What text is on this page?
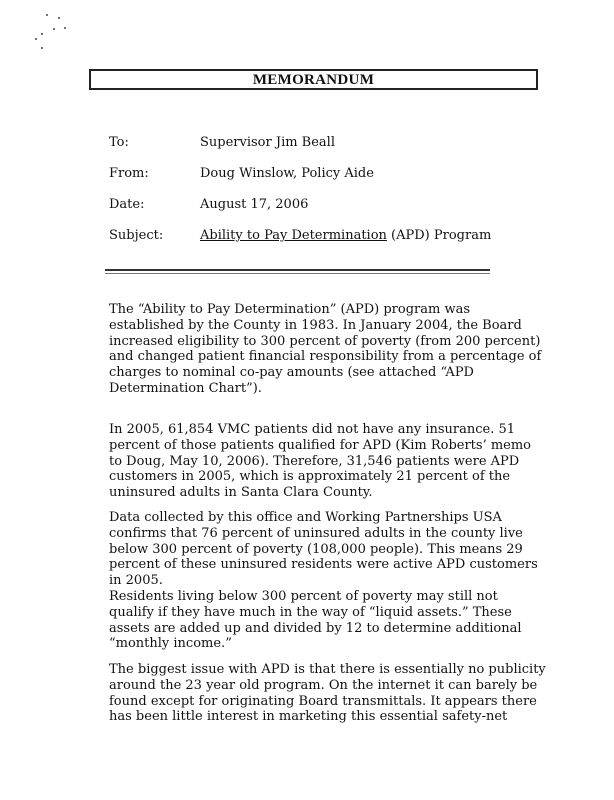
MEMORANDUM
To:	Supervisor Jim Beall
From:	Doug Winslow, Policy Aide
Date:	August 17, 2006
Subject:	Ability to Pay Determination (APD) Program

The “Ability to Pay Determination” (APD) program was
established by the County in 1983. In January 2004, the Board
increased eligibility to 300 percent of poverty (from 200 percent)
and changed patient financial responsibility from a percentage of
charges to nominal co-pay amounts (see attached “APD
Determination Chart”).

In 2005, 61,854 VMC patients did not have any insurance. 51
percent of those patients qualified for APD (Kim Roberts’ memo
to Doug, May 10, 2006). Therefore, 31,546 patients were APD
customers in 2005, which is approximately 21 percent of the
uninsured adults in Santa Clara County.

Data collected by this office and Working Partnerships USA
confirms that 76 percent of uninsured adults in the county live
below 300 percent of poverty (108,000 people). This means 29
percent of these uninsured residents were active APD customers
in 2005.

Residents living below 300 percent of poverty may still not
qualify if they have much in the way of “liquid assets.” These
assets are added up and divided by 12 to determine additional
“monthly income.”

The biggest issue with APD is that there is essentially no publicity
around the 23 year old program. On the internet it can barely be
found except for originating Board transmittals. It appears there
has been little interest in marketing this essential safety-net
